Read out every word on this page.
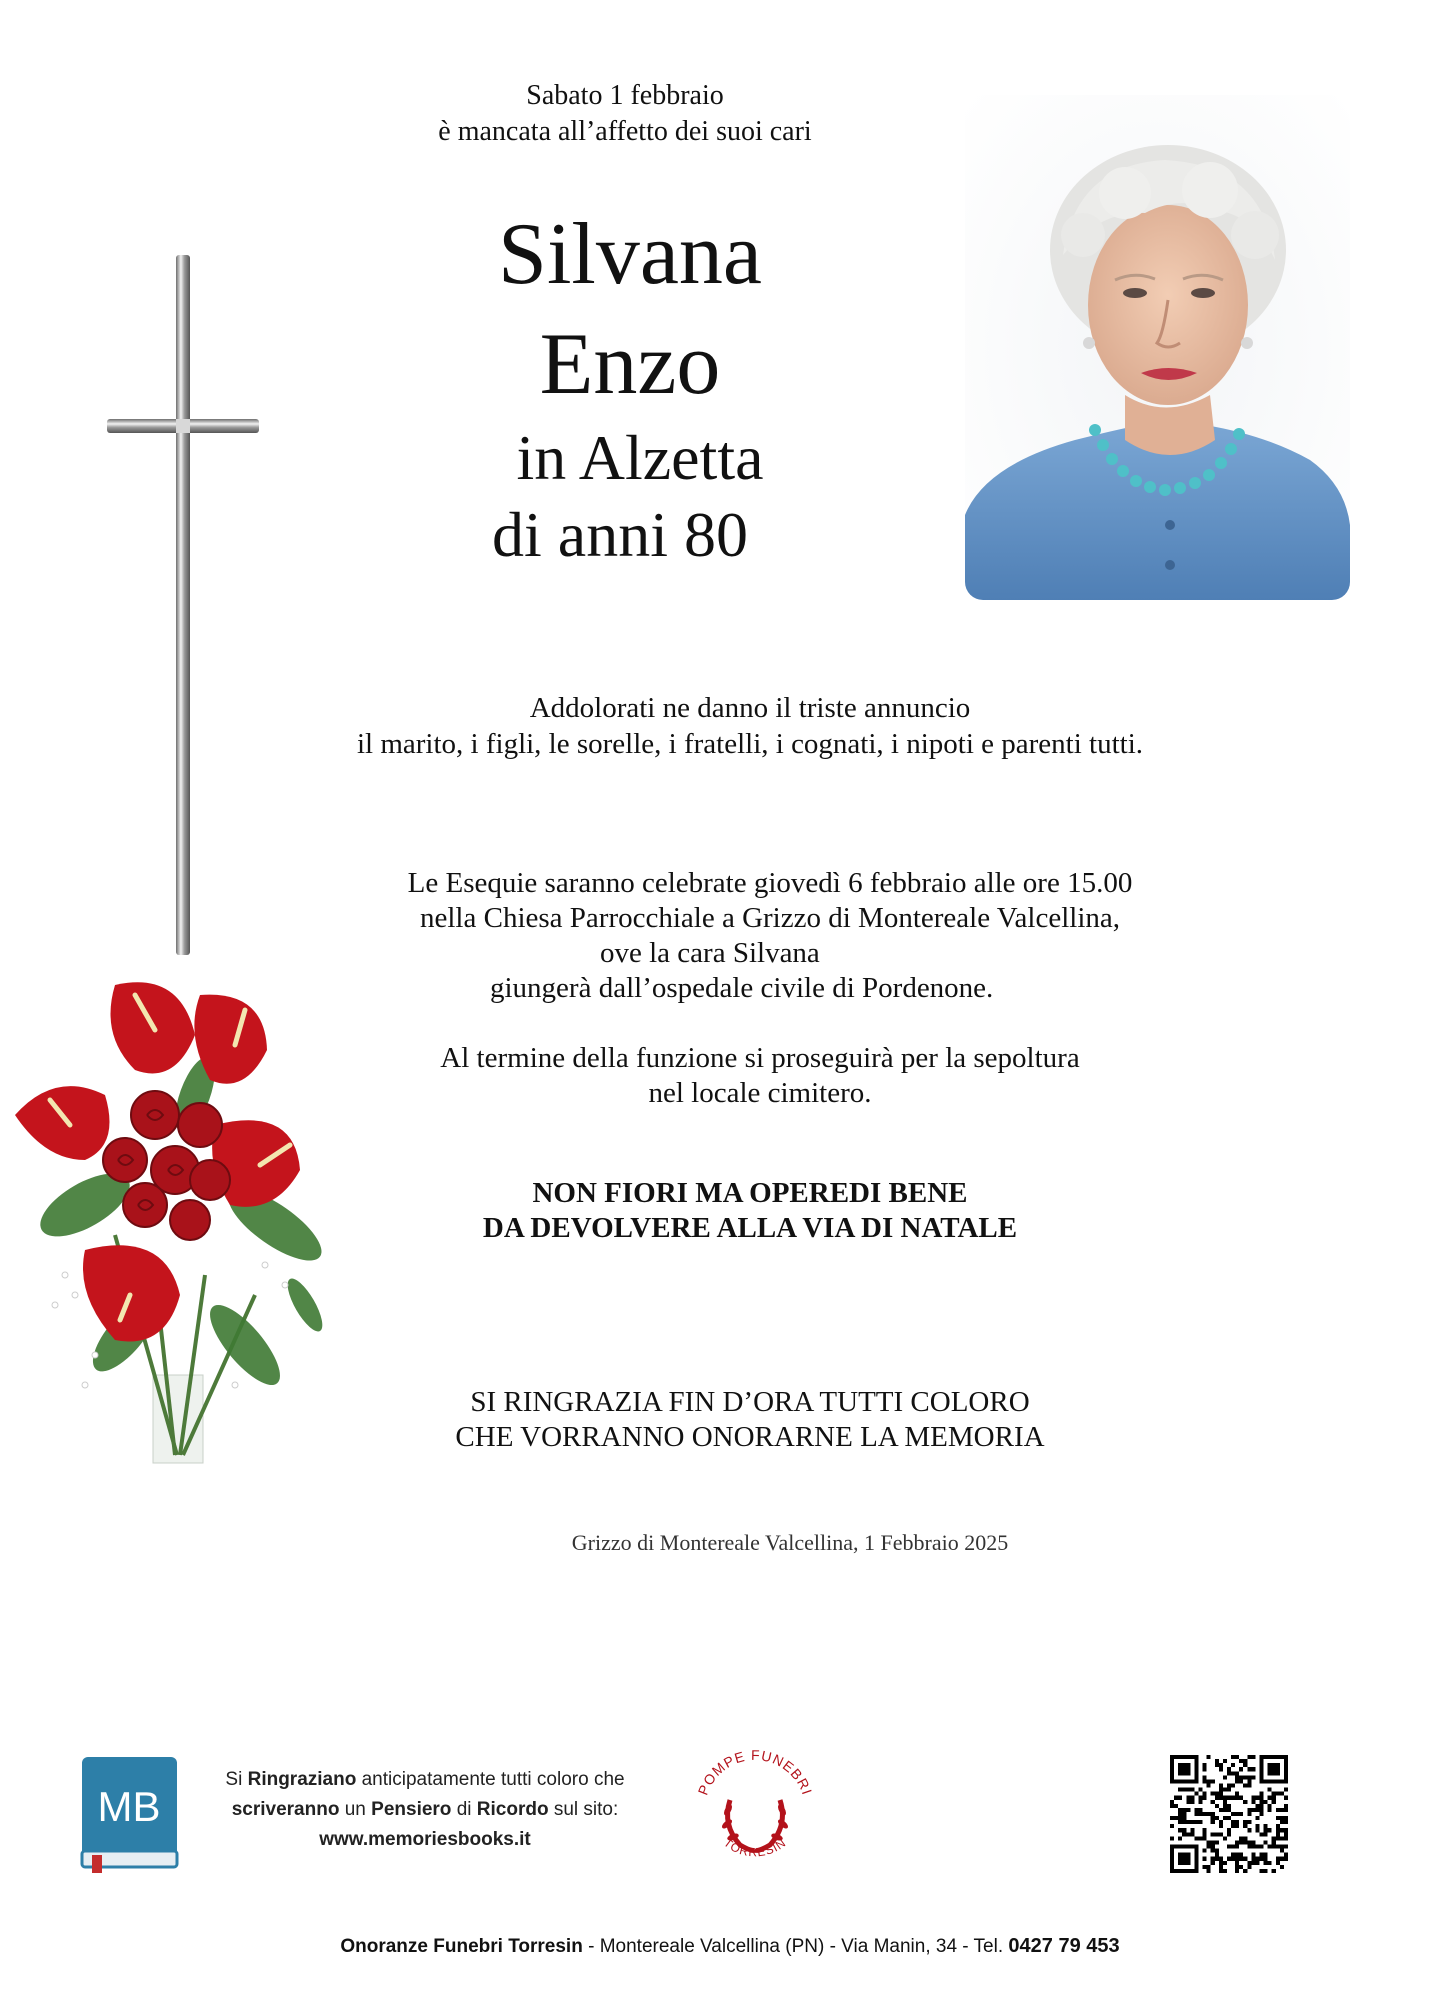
Sabato 1 febbraio
è mancata all’affetto dei suoi cari
Silvana
Enzo
in Alzetta
di anni 80
Addolorati ne danno il triste annuncio
il marito, i figli, le sorelle, i fratelli, i cognati, i nipoti e parenti tutti.
Le Esequie saranno celebrate giovedì 6 febbraio alle ore 15.00
nella Chiesa Parrocchiale a Grizzo di Montereale Valcellina,
ove la cara Silvana
giungerà dall’ospedale civile di Pordenone.
Al termine della funzione si proseguirà per la sepoltura
nel locale cimitero.
NON FIORI MA OPEREDI BENE
DA DEVOLVERE ALLA VIA DI NATALE
SI RINGRAZIA FIN D’ORA TUTTI COLORO
CHE VORRANNO ONORARNE LA MEMORIA
Grizzo di Montereale Valcellina, 1 Febbraio 2025
MB
Si Ringraziano anticipatamente tutti coloro che
scriveranno un Pensiero di Ricordo sul sito:
www.memoriesbooks.it
POMPE FUNEBRI
TORRESIN
Onoranze Funebri Torresin - Montereale Valcellina (PN) - Via Manin, 34 - Tel. 0427 79 453
